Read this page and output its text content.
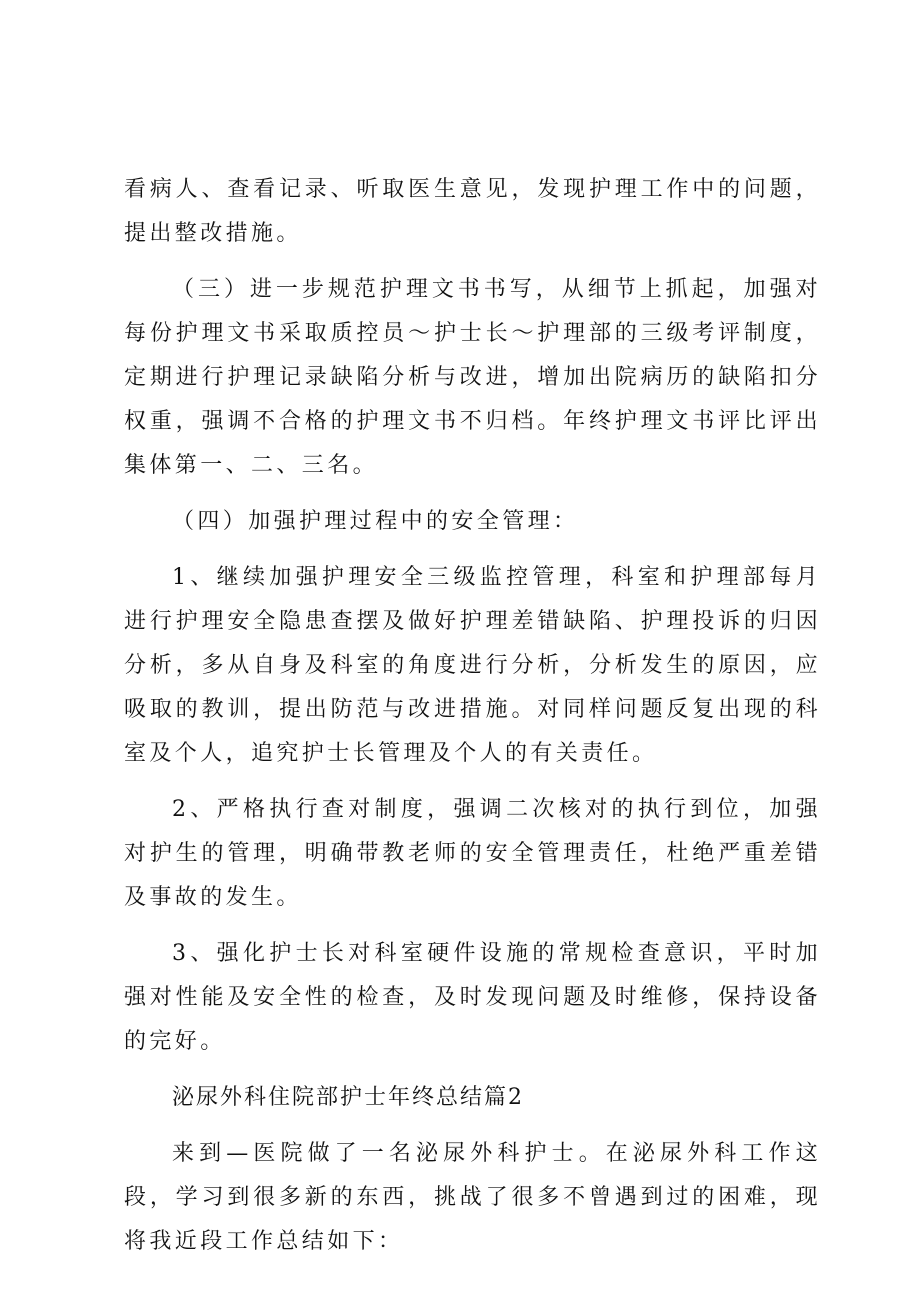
看病人、查看记录、听取医生意见，发现护理工作中的问题，提出整改措施。

（三）进一步规范护理文书书写，从细节上抓起，加强对每份护理文书采取质控员～护士长～护理部的三级考评制度，定期进行护理记录缺陷分析与改进，增加出院病历的缺陷扣分权重，强调不合格的护理文书不归档。年终护理文书评比评出集体第一、二、三名。

（四）加强护理过程中的安全管理：

1、继续加强护理安全三级监控管理，科室和护理部每月进行护理安全隐患查摆及做好护理差错缺陷、护理投诉的归因分析，多从自身及科室的角度进行分析，分析发生的原因，应吸取的教训，提出防范与改进措施。对同样问题反复出现的科室及个人，追究护士长管理及个人的有关责任。

2、严格执行查对制度，强调二次核对的执行到位，加强对护生的管理，明确带教老师的安全管理责任，杜绝严重差错及事故的发生。

3、强化护士长对科室硬件设施的常规检查意识，平时加强对性能及安全性的检查，及时发现问题及时维修，保持设备的完好。

泌尿外科住院部护士年终总结篇2

来到—医院做了一名泌尿外科护士。在泌尿外科工作这段，学习到很多新的东西，挑战了很多不曾遇到过的困难，现将我近段工作总结如下：
